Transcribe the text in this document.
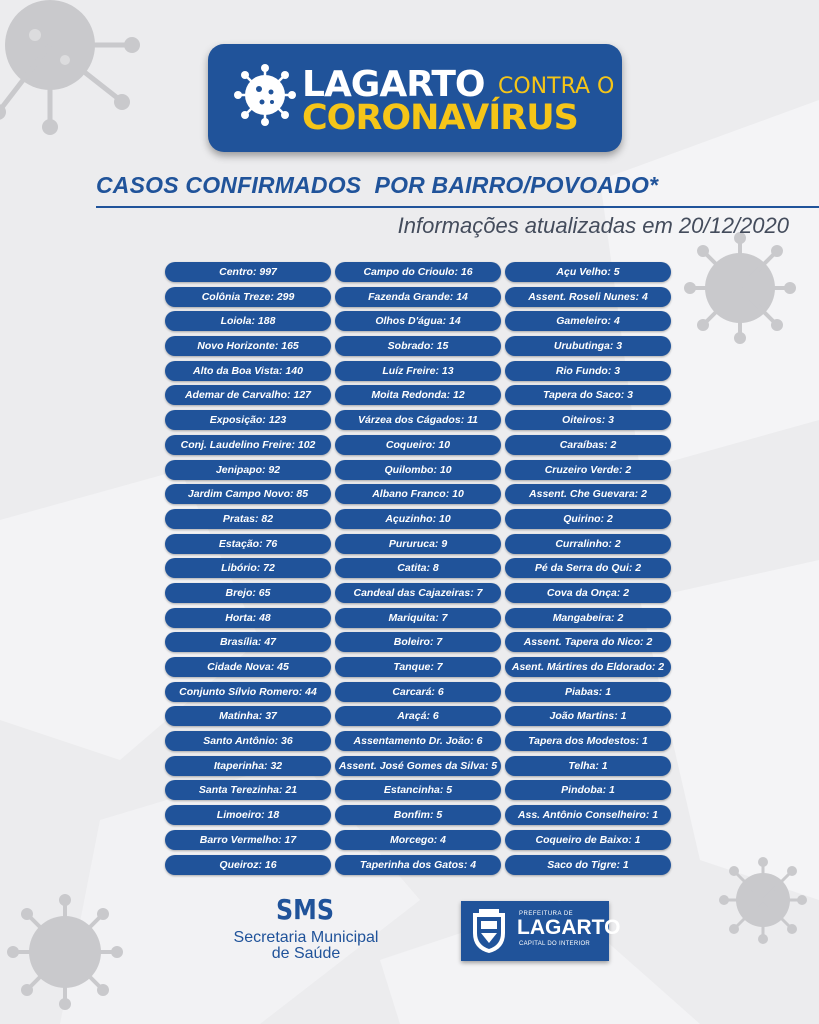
LAGARTO CONTRA O
CORONAVÍRUS
CASOS CONFIRMADOS  POR BAIRRO/POVOADO*
Informações atualizadas em 20/12/2020
Centro: 997
Colônia Treze: 299
Loiola: 188
Novo Horizonte: 165
Alto da Boa Vista: 140
Ademar de Carvalho: 127
Exposição: 123
Conj. Laudelino Freire: 102
Jenipapo: 92
Jardim Campo Novo: 85
Pratas: 82
Estação: 76
Libório: 72
Brejo: 65
Horta: 48
Brasília: 47
Cidade Nova: 45
Conjunto Sílvio Romero: 44
Matinha: 37
Santo Antônio: 36
Itaperinha: 32
Santa Terezinha: 21
Limoeiro: 18
Barro Vermelho: 17
Queiroz: 16
Campo do Crioulo: 16
Fazenda Grande: 14
Olhos D'água: 14
Sobrado: 15
Luíz Freire: 13
Moita Redonda: 12
Várzea dos Cágados: 11
Coqueiro: 10
Quilombo: 10
Albano Franco: 10
Açuzinho: 10
Pururuca: 9
Catita: 8
Candeal das Cajazeiras: 7
Mariquita: 7
Boleiro: 7
Tanque: 7
Carcará: 6
Araçá: 6
Assentamento Dr. João: 6
Assent. José Gomes da Silva: 5
Estancinha: 5
Bonfim: 5
Morcego: 4
Taperinha dos Gatos: 4
Açu Velho: 5
Assent. Roseli Nunes: 4
Gameleiro: 4
Urubutinga: 3
Rio Fundo: 3
Tapera do Saco: 3
Oiteiros: 3
Caraíbas: 2
Cruzeiro Verde: 2
Assent. Che Guevara: 2
Quirino: 2
Curralinho: 2
Pé da Serra do Qui: 2
Cova da Onça: 2
Mangabeira: 2
Assent. Tapera do Nico: 2
Asent. Mártires do Eldorado: 2
Piabas: 1
João Martins: 1
Tapera dos Modestos: 1
Telha: 1
Pindoba: 1
Ass. Antônio Conselheiro: 1
Coqueiro de Baixo: 1
Saco do Tigre: 1
SMS
Secretaria Municipal
de Saúde
PREFEITURA DE
LAGARTO
CAPITAL DO INTERIOR
